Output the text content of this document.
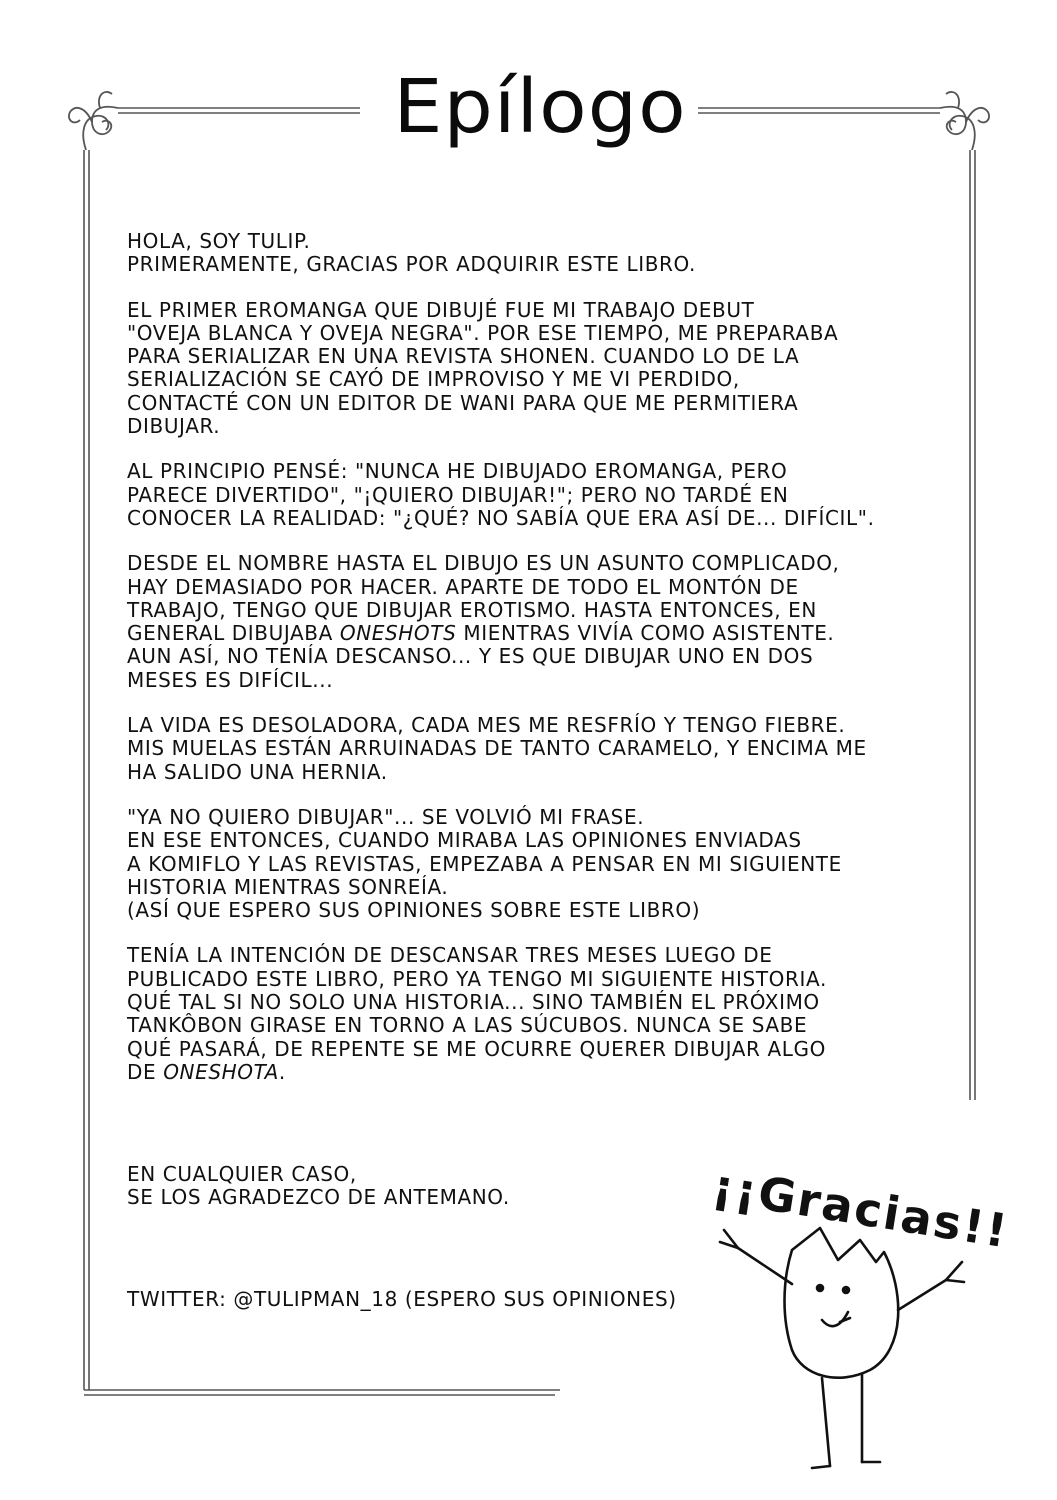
Epílogo
HOLA, SOY TULIP.
PRIMERAMENTE, GRACIAS POR ADQUIRIR ESTE LIBRO.
EL PRIMER EROMANGA QUE DIBUJÉ FUE MI TRABAJO DEBUT
"OVEJA BLANCA Y OVEJA NEGRA". POR ESE TIEMPO, ME PREPARABA
PARA SERIALIZAR EN UNA REVISTA SHONEN. CUANDO LO DE LA
SERIALIZACIÓN SE CAYÓ DE IMPROVISO Y ME VI PERDIDO,
CONTACTÉ CON UN EDITOR DE WANI PARA QUE ME PERMITIERA
DIBUJAR.
AL PRINCIPIO PENSÉ: "NUNCA HE DIBUJADO EROMANGA, PERO
PARECE DIVERTIDO", "¡QUIERO DIBUJAR!"; PERO NO TARDÉ EN
CONOCER LA REALIDAD: "¿QUÉ? NO SABÍA QUE ERA ASÍ DE... DIFÍCIL".
DESDE EL NOMBRE HASTA EL DIBUJO ES UN ASUNTO COMPLICADO,
HAY DEMASIADO POR HACER. APARTE DE TODO EL MONTÓN DE
TRABAJO, TENGO QUE DIBUJAR EROTISMO. HASTA ENTONCES, EN
GENERAL DIBUJABA ONESHOTS MIENTRAS VIVÍA COMO ASISTENTE.
AUN ASÍ, NO TENÍA DESCANSO... Y ES QUE DIBUJAR UNO EN DOS
MESES ES DIFÍCIL...
LA VIDA ES DESOLADORA, CADA MES ME RESFRÍO Y TENGO FIEBRE.
MIS MUELAS ESTÁN ARRUINADAS DE TANTO CARAMELO, Y ENCIMA ME
HA SALIDO UNA HERNIA.
"YA NO QUIERO DIBUJAR"... SE VOLVIÓ MI FRASE.
EN ESE ENTONCES, CUANDO MIRABA LAS OPINIONES ENVIADAS
A KOMIFLO Y LAS REVISTAS, EMPEZABA A PENSAR EN MI SIGUIENTE
HISTORIA MIENTRAS SONREÍA.
(ASÍ QUE ESPERO SUS OPINIONES SOBRE ESTE LIBRO)
TENÍA LA INTENCIÓN DE DESCANSAR TRES MESES LUEGO DE
PUBLICADO ESTE LIBRO, PERO YA TENGO MI SIGUIENTE HISTORIA.
QUÉ TAL SI NO SOLO UNA HISTORIA... SINO TAMBIÉN EL PRÓXIMO
TANKÔBON GIRASE EN TORNO A LAS SÚCUBOS. NUNCA SE SABE
QUÉ PASARÁ, DE REPENTE SE ME OCURRE QUERER DIBUJAR ALGO
DE ONESHOTA.
EN CUALQUIER CASO,
SE LOS AGRADEZCO DE ANTEMANO.
TWITTER: @TULIPMAN_18 (ESPERO SUS OPINIONES)
¡¡Gracias!!
